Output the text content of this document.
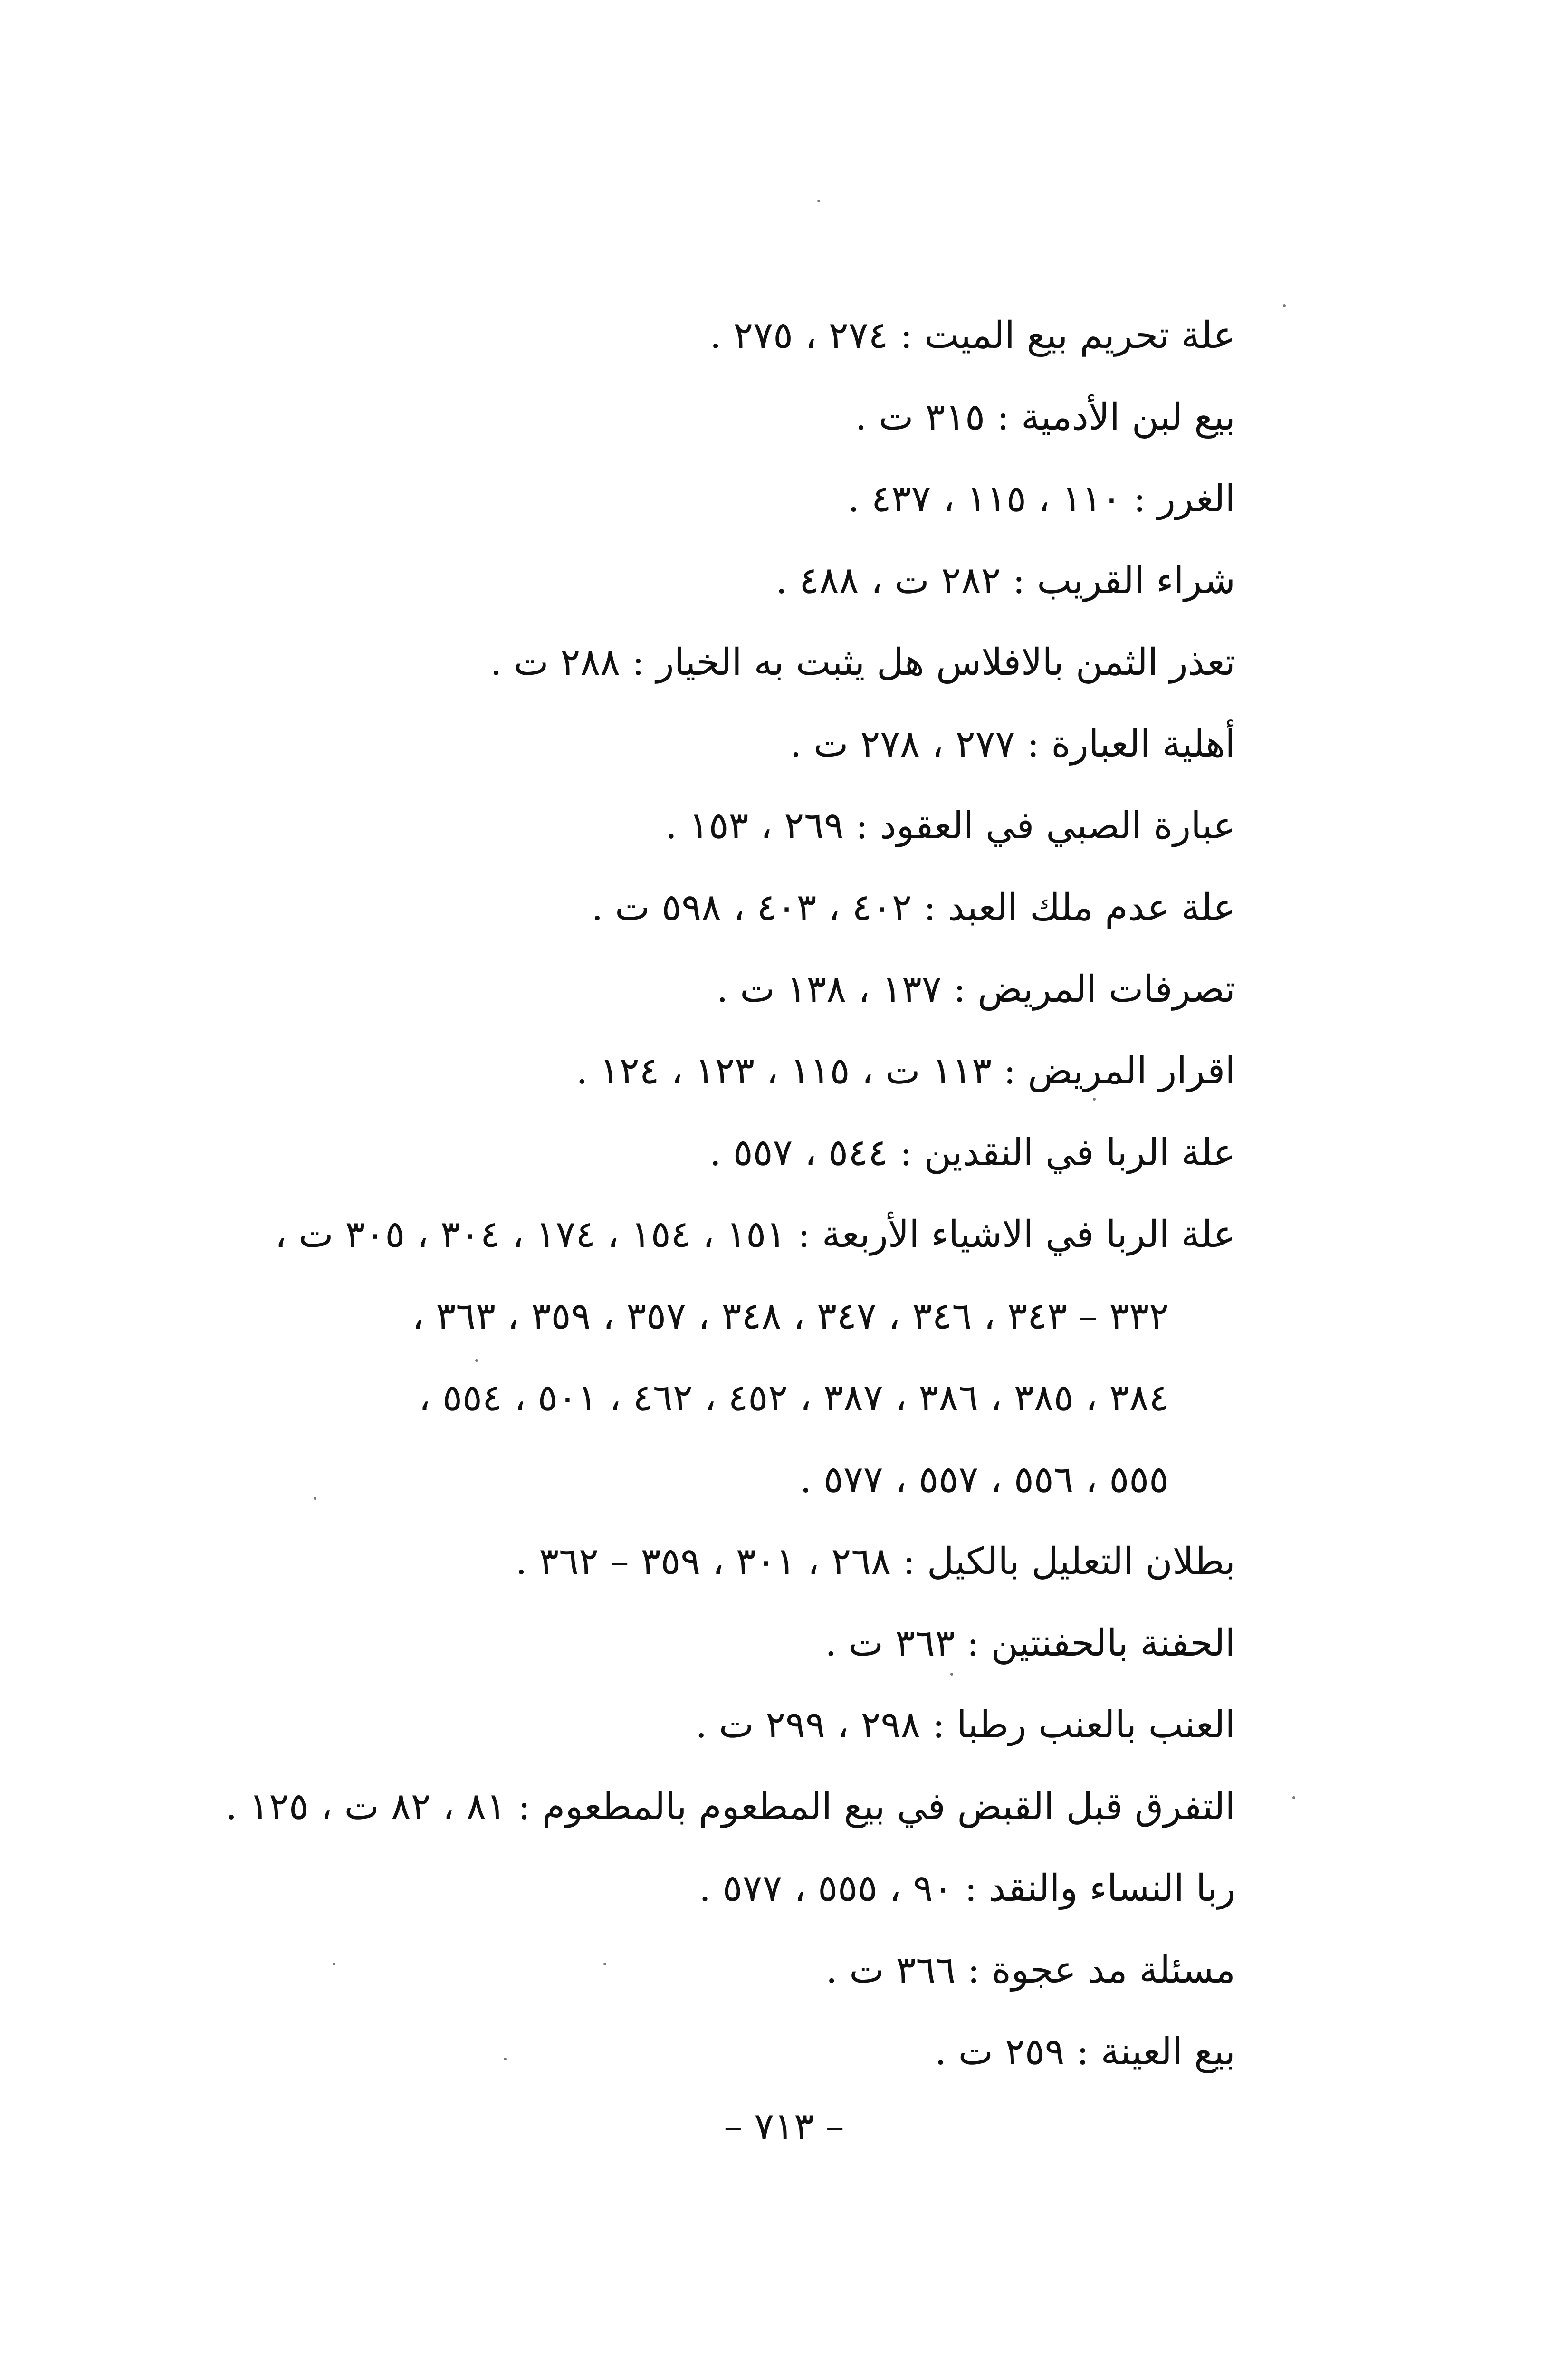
علة تحريم بيع الميت : ٢٧٤ ، ٢٧٥ .
بيع لبن الأدمية : ٣١٥ ت .
الغرر : ١١٠ ، ١١٥ ، ٤٣٧ .
شراء القريب : ٢٨٢ ت ، ٤٨٨ .
تعذر الثمن بالافلاس هل يثبت به الخيار : ٢٨٨ ت .
أهلية العبارة : ٢٧٧ ، ٢٧٨ ت .
عبارة الصبي في العقود : ٢٦٩ ، ١٥٣ .
علة عدم ملك العبد : ٤٠٢ ، ٤٠٣ ، ٥٩٨ ت .
تصرفات المريض : ١٣٧ ، ١٣٨ ت .
اقرار المريض : ١١٣ ت ، ١١٥ ، ١٢٣ ، ١٢٤ .
علة الربا في النقدين : ٥٤٤ ، ٥٥٧ .
علة الربا في الاشياء الأربعة : ١٥١ ، ١٥٤ ، ١٧٤ ، ٣٠٤ ، ٣٠٥ ت ،
٣٣٢ – ٣٤٣ ، ٣٤٦ ، ٣٤٧ ، ٣٤٨ ، ٣٥٧ ، ٣٥٩ ، ٣٦٣ ،
٣٨٤ ، ٣٨٥ ، ٣٨٦ ، ٣٨٧ ، ٤٥٢ ، ٤٦٢ ، ٥٠١ ، ٥٥٤ ،
٥٥٥ ، ٥٥٦ ، ٥٥٧ ، ٥٧٧ .
بطلان التعليل بالكيل : ٢٦٨ ، ٣٠١ ، ٣٥٩ – ٣٦٢ .
الحفنة بالحفنتين : ٣٦٣ ت .
العنب بالعنب رطبا : ٢٩٨ ، ٢٩٩ ت .
التفرق قبل القبض في بيع المطعوم بالمطعوم : ٨١ ، ٨٢ ت ، ١٢٥ .
ربا النساء والنقد : ٩٠ ، ٥٥٥ ، ٥٧٧ .
مسئلة مد عجوة : ٣٦٦ ت .
بيع العينة : ٢٥٩ ت .
– ٧١٣ –
